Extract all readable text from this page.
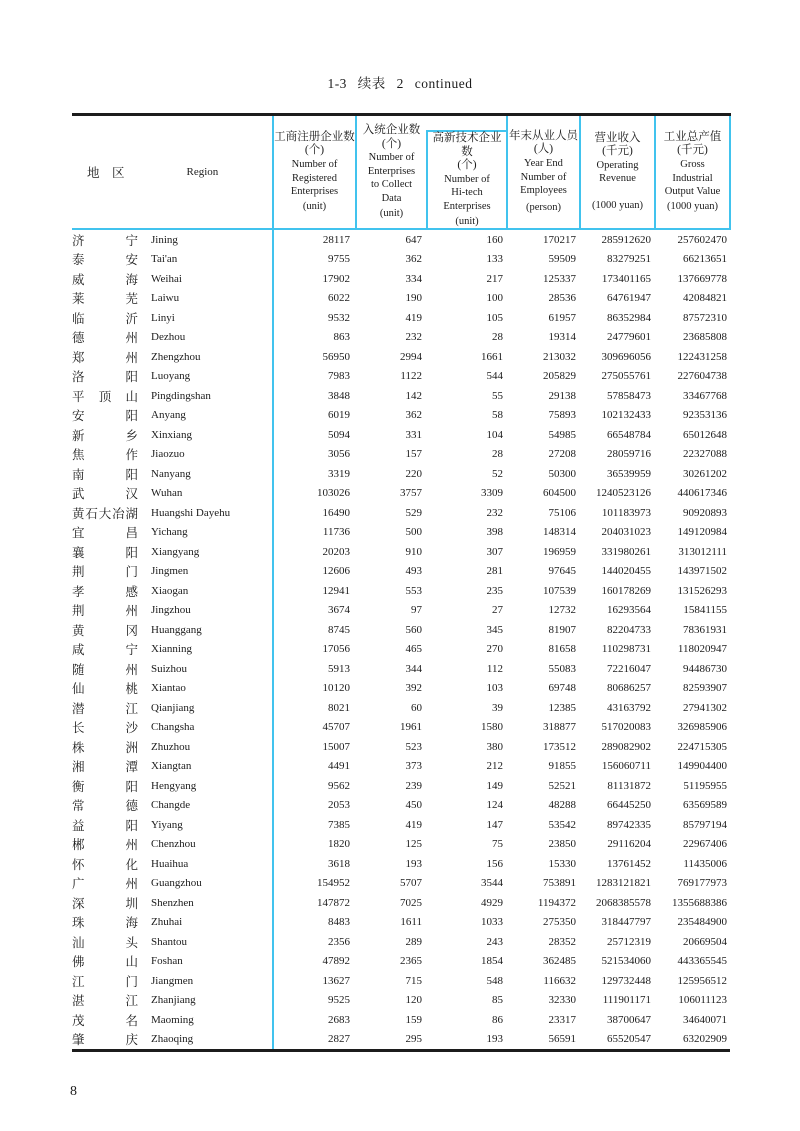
1-3 续表 2 continued
地　区	Region

工商注册企业数
(个)
Number of
Registered
Enterprises
(unit)

入统企业数
(个)
Number of
Enterprises
to Collect
Data
(unit)

高新技术企业数
(个)
Number of
Hi-tech
Enterprises
(unit)

年末从业人员
(人)
Year End
Number of
Employees
(person)

营业收入
(千元)
Operating
Revenue
(1000 yuan)

工业总产值
(千元)
Gross
Industrial
Output Value
(1000 yuan)

济宁 Jining	28117	647	160	170217	285912620	257602470
泰安 Tai'an	9755	362	133	59509	83279251	66213651
威海 Weihai	17902	334	217	125337	173401165	137669778
莱芜 Laiwu	6022	190	100	28536	64761947	42084821
临沂 Linyi	9532	419	105	61957	86352984	87572310
德州 Dezhou	863	232	28	19314	24779601	23685808
郑州 Zhengzhou	56950	2994	1661	213032	309696056	122431258
洛阳 Luoyang	7983	1122	544	205829	275055761	227604738
平顶山 Pingdingshan	3848	142	55	29138	57858473	33467768
安阳 Anyang	6019	362	58	75893	102132433	92353136
新乡 Xinxiang	5094	331	104	54985	66548784	65012648
焦作 Jiaozuo	3056	157	28	27208	28059716	22327088
南阳 Nanyang	3319	220	52	50300	36539959	30261202
武汉 Wuhan	103026	3757	3309	604500	1240523126	440617346
黄石大冶湖 Huangshi Dayehu	16490	529	232	75106	101183973	90920893
宜昌 Yichang	11736	500	398	148314	204031023	149120984
襄阳 Xiangyang	20203	910	307	196959	331980261	313012111
荆门 Jingmen	12606	493	281	97645	144020455	143971502
孝感 Xiaogan	12941	553	235	107539	160178269	131526293
荆州 Jingzhou	3674	97	27	12732	16293564	15841155
黄冈 Huanggang	8745	560	345	81907	82204733	78361931
咸宁 Xianning	17056	465	270	81658	110298731	118020947
随州 Suizhou	5913	344	112	55083	72216047	94486730
仙桃 Xiantao	10120	392	103	69748	80686257	82593907
潜江 Qianjiang	8021	60	39	12385	43163792	27941302
长沙 Changsha	45707	1961	1580	318877	517020083	326985906
株洲 Zhuzhou	15007	523	380	173512	289082902	224715305
湘潭 Xiangtan	4491	373	212	91855	156060711	149904400
衡阳 Hengyang	9562	239	149	52521	81131872	51195955
常德 Changde	2053	450	124	48288	66445250	63569589
益阳 Yiyang	7385	419	147	53542	89742335	85797194
郴州 Chenzhou	1820	125	75	23850	29116204	22967406
怀化 Huaihua	3618	193	156	15330	13761452	11435006
广州 Guangzhou	154952	5707	3544	753891	1283121821	769177973
深圳 Shenzhen	147872	7025	4929	1194372	2068385578	1355688386
珠海 Zhuhai	8483	1611	1033	275350	318447797	235484900
汕头 Shantou	2356	289	243	28352	25712319	20669504
佛山 Foshan	47892	2365	1854	362485	521534060	443365545
江门 Jiangmen	13627	715	548	116632	129732448	125956512
湛江 Zhanjiang	9525	120	85	32330	111901171	106011123
茂名 Maoming	2683	159	86	23317	38700647	34640071
肇庆 Zhaoqing	2827	295	193	56591	65520547	63202909
8
